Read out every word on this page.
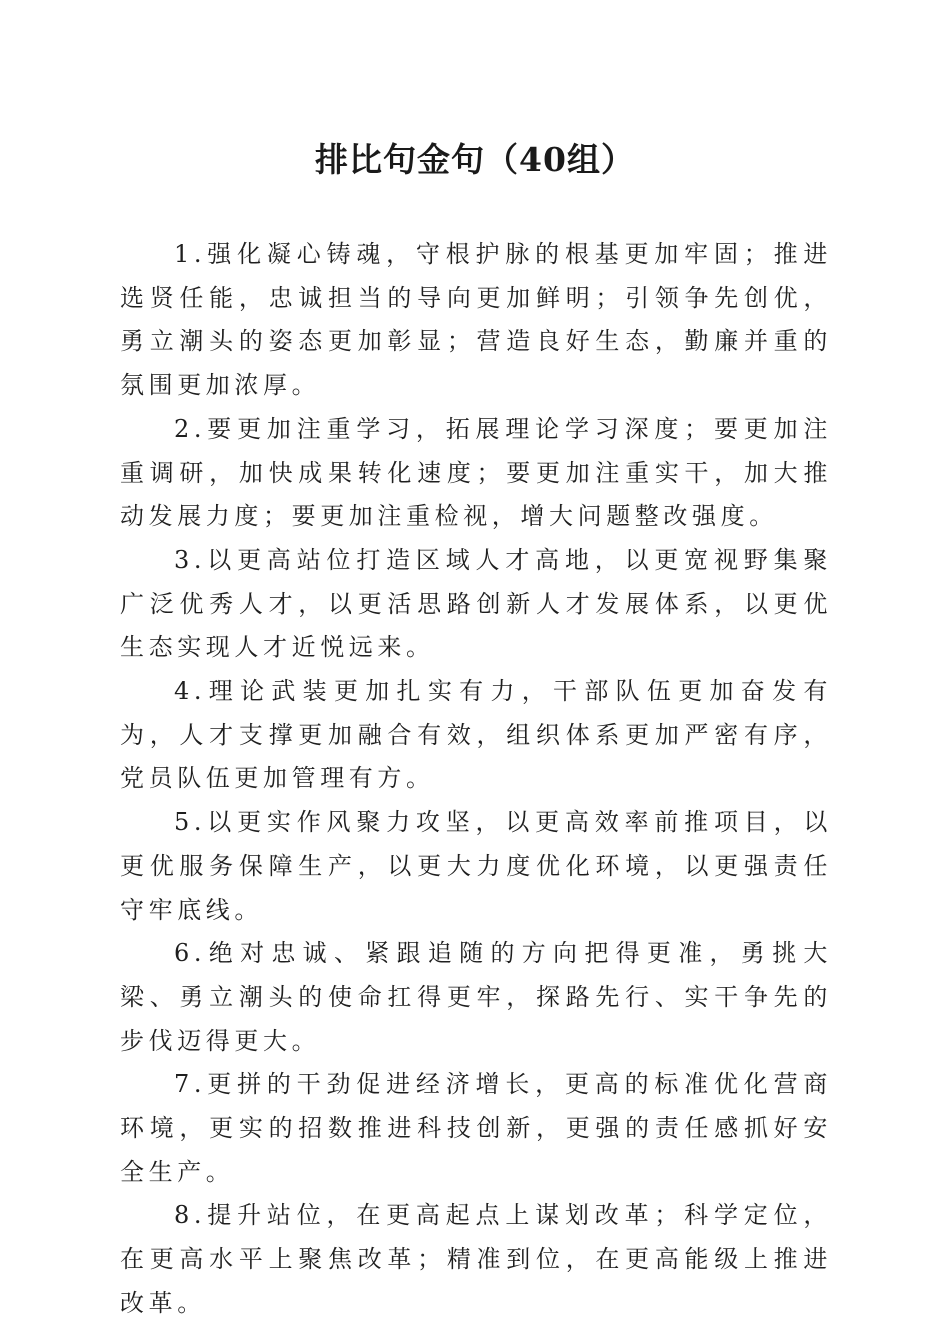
排比句金句（40组）

1.强化凝心铸魂，守根护脉的根基更加牢固；推进选贤任能，忠诚担当的导向更加鲜明；引领争先创优，勇立潮头的姿态更加彰显；营造良好生态，勤廉并重的氛围更加浓厚。

2.要更加注重学习，拓展理论学习深度；要更加注重调研，加快成果转化速度；要更加注重实干，加大推动发展力度；要更加注重检视，增大问题整改强度。

3.以更高站位打造区域人才高地，以更宽视野集聚广泛优秀人才，以更活思路创新人才发展体系，以更优生态实现人才近悦远来。

4.理论武装更加扎实有力，干部队伍更加奋发有为，人才支撑更加融合有效，组织体系更加严密有序，党员队伍更加管理有方。

5.以更实作风聚力攻坚，以更高效率前推项目，以更优服务保障生产，以更大力度优化环境，以更强责任守牢底线。

6.绝对忠诚、紧跟追随的方向把得更准，勇挑大梁、勇立潮头的使命扛得更牢，探路先行、实干争先的步伐迈得更大。

7.更拼的干劲促进经济增长，更高的标准优化营商环境，更实的招数推进科技创新，更强的责任感抓好安全生产。

8.提升站位，在更高起点上谋划改革；科学定位，在更高水平上聚焦改革；精准到位，在更高能级上推进改革。
